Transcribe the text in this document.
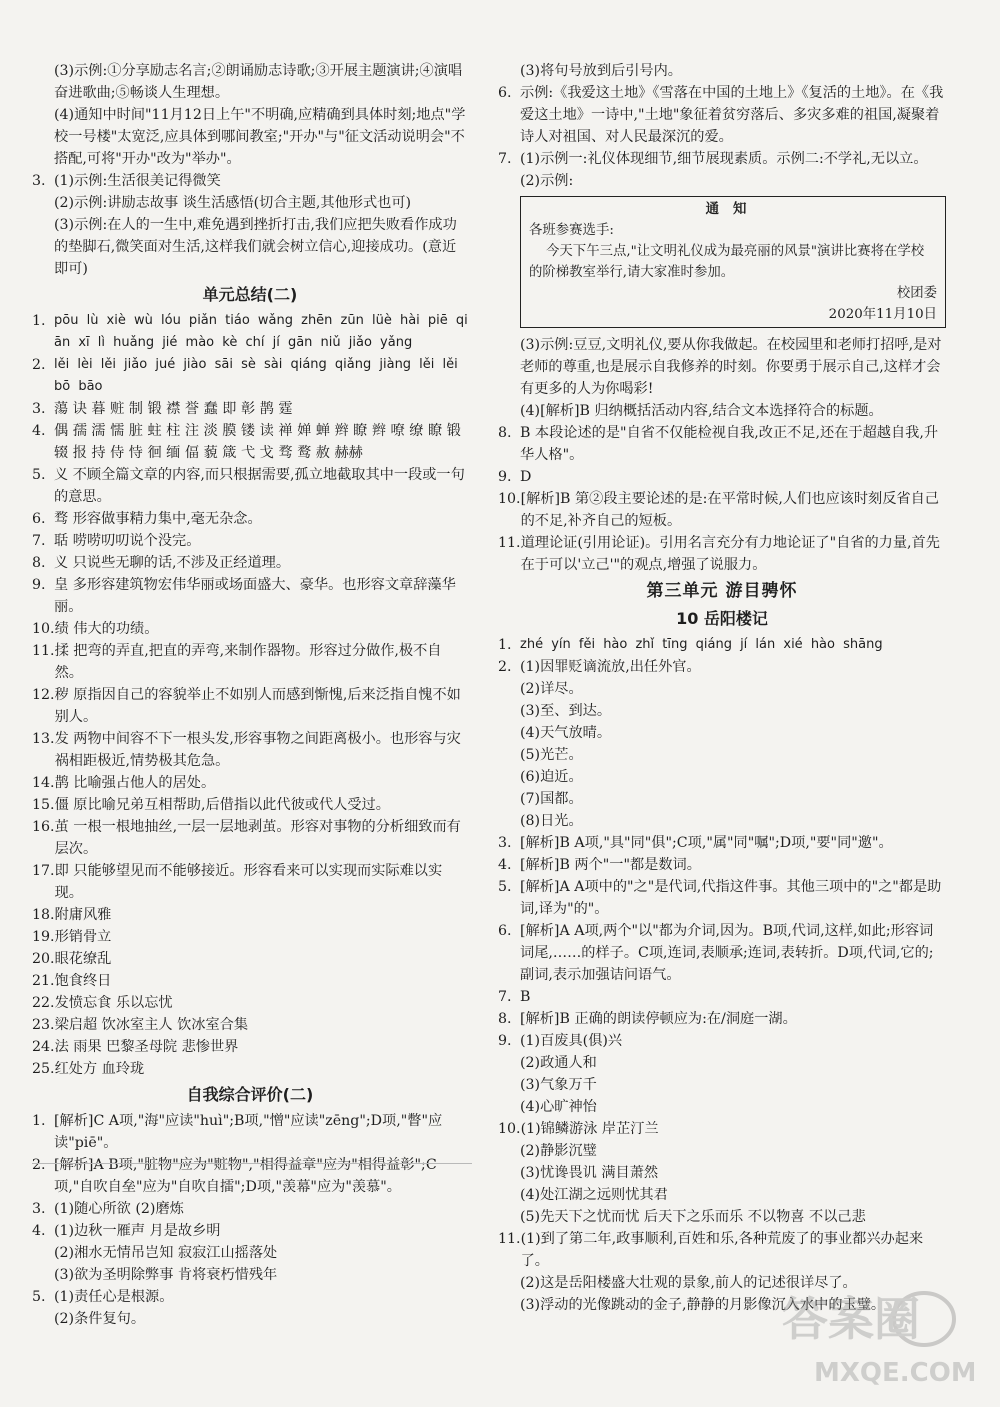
(3)示例:①分享励志名言;②朗诵励志诗歌;③开展主题演讲;④演唱奋进歌曲;⑤畅谈人生理想。
(4)通知中时间"11月12日上午"不明确,应精确到具体时刻;地点"学校一号楼"太宽泛,应具体到哪间教室;"开办"与"征文活动说明会"不搭配,可将"开办"改为"举办"。
3. (1)示例:生活很美记得微笑
(2)示例:讲励志故事 谈生活感悟(切合主题,其他形式也可)
(3)示例:在人的一生中,难免遇到挫折打击,我们应把失败看作成功的垫脚石,微笑面对生活,这样我们就会树立信心,迎接成功。(意近即可)
单元总结(二)
1. pōu lù xiè wù lóu piǎn tiáo wǎng zhēn zūn lüè hài piē qiān xī lì huǎng jié mào kè chí jí gān niǔ jiǎo yǎng
2. lěi lèi lěi jiǎo jué jiào sāi sè sài qiáng qiǎng jiàng lěi lěi bō bāo
3. 蕩 诀 暮 赃 制 锻 襟 誉 蠢 即 彰 鹊 霆
4. 偶 孺 濡 懦 脏 蛀 柱 注 淡 膜 镂 读 禅 婵 蝉 辫 瞭 辫 嘹 缭 瞭 锻 辍 报 持 侍 恃 徊 缅 偪 藐 箴 弋 戈 骛 鹜 赦 赫赫
5. 义 不顾全篇文章的内容,而只根据需要,孤立地截取其中一段或一句的意思。
6. 骛 形容做事精力集中,毫无杂念。
7. 聒 唠唠叨叨说个没完。
8. 义 只说些无聊的话,不涉及正经道理。
9. 皇 多形容建筑物宏伟华丽或场面盛大、豪华。也形容文章辞藻华丽。
10. 绩 伟大的功绩。
11. 揉 把弯的弄直,把直的弄弯,来制作器物。形容过分做作,极不自然。
12. 秽 原指因自己的容貌举止不如别人而感到惭愧,后来泛指自愧不如别人。
13. 发 两物中间容不下一根头发,形容事物之间距离极小。也形容与灾祸相距极近,情势极其危急。
14. 鹊 比喻强占他人的居处。
15. 僵 原比喻兄弟互相帮助,后借指以此代彼或代人受过。
16. 茧 一根一根地抽丝,一层一层地剥茧。形容对事物的分析细致而有层次。
17. 即 只能够望见而不能够接近。形容看来可以实现而实际难以实现。
18. 附庸风雅
19. 形销骨立
20. 眼花缭乱
21. 饱食终日
22. 发愤忘食 乐以忘忧
23. 梁启超 饮冰室主人 饮冰室合集
24. 法 雨果 巴黎圣母院 悲惨世界
25. 红处方 血玲珑
自我综合评价(二)
1. [解析]C A项,"海"应读"huì";B项,"憎"应读"zēng";D项,"瞥"应读"piē"。
2. [解析]A B项,"脏物"应为"赃物","相得益章"应为"相得益彰";C项,"自吹自垒"应为"自吹自擂";D项,"羡幕"应为"羡慕"。
3. (1)随心所欲 (2)磨炼
4. (1)边秋一雁声 月是故乡明
(2)湘水无情吊岂知 寂寂江山摇落处
(3)欲为圣明除弊事 肯将衰朽惜残年
5. (1)责任心是根源。
(2)条件复句。
(3)将句号放到后引号内。
6. 示例:《我爱这土地》《雪落在中国的土地上》《复活的土地》。在《我爱这土地》一诗中,"土地"象征着贫穷落后、多灾多难的祖国,凝聚着诗人对祖国、对人民最深沉的爱。
7. (1)示例一:礼仪体现细节,细节展现素质。示例二:不学礼,无以立。
(2)示例:
通知
各班参赛选手:
今天下午三点,"让文明礼仪成为最亮丽的风景"演讲比赛将在学校的阶梯教室举行,请大家准时参加。
校团委
2020年11月10日
(3)示例:豆豆,文明礼仪,要从你我做起。在校园里和老师打招呼,是对老师的尊重,也是展示自我修养的时刻。你要勇于展示自己,这样才会有更多的人为你喝彩!
(4)[解析]B 归纳概括活动内容,结合文本选择符合的标题。
8. B 本段论述的是"自省不仅能检视自我,改正不足,还在于超越自我,升华人格"。
9. D
10. [解析]B 第②段主要论述的是:在平常时候,人们也应该时刻反省自己的不足,补齐自己的短板。
11. 道理论证(引用论证)。引用名言充分有力地论证了"自省的力量,首先在于可以'立己'"的观点,增强了说服力。
第三单元 游目骋怀
10 岳阳楼记
1. zhé yín fěi hào zhǐ tīng qiáng jí lán xié hào shāng
2. (1)因罪贬谪流放,出任外官。
(2)详尽。
(3)至、到达。
(4)天气放晴。
(5)光芒。
(6)迫近。
(7)国都。
(8)日光。
3. [解析]B A项,"具"同"俱";C项,"属"同"嘱";D项,"要"同"邀"。
4. [解析]B 两个"一"都是数词。
5. [解析]A A项中的"之"是代词,代指这件事。其他三项中的"之"都是助词,译为"的"。
6. [解析]A A项,两个"以"都为介词,因为。B项,代词,这样,如此;形容词词尾,……的样子。C项,连词,表顺承;连词,表转折。D项,代词,它的;副词,表示加强诘问语气。
7. B
8. [解析]B 正确的朗读停顿应为:在/洞庭一湖。
9. (1)百废具(俱)兴
(2)政通人和
(3)气象万千
(4)心旷神怡
10. (1)锦鳞游泳 岸芷汀兰
(2)静影沉璧
(3)忧谗畏讥 满目萧然
(4)处江湖之远则忧其君
(5)先天下之忧而忧 后天下之乐而乐 不以物喜 不以己悲
11. (1)到了第二年,政事顺利,百姓和乐,各种荒废了的事业都兴办起来了。
(2)这是岳阳楼盛大壮观的景象,前人的记述很详尽了。
(3)浮动的光像跳动的金子,静静的月影像沉入水中的玉璧。
答案圈
MXQE.COM
